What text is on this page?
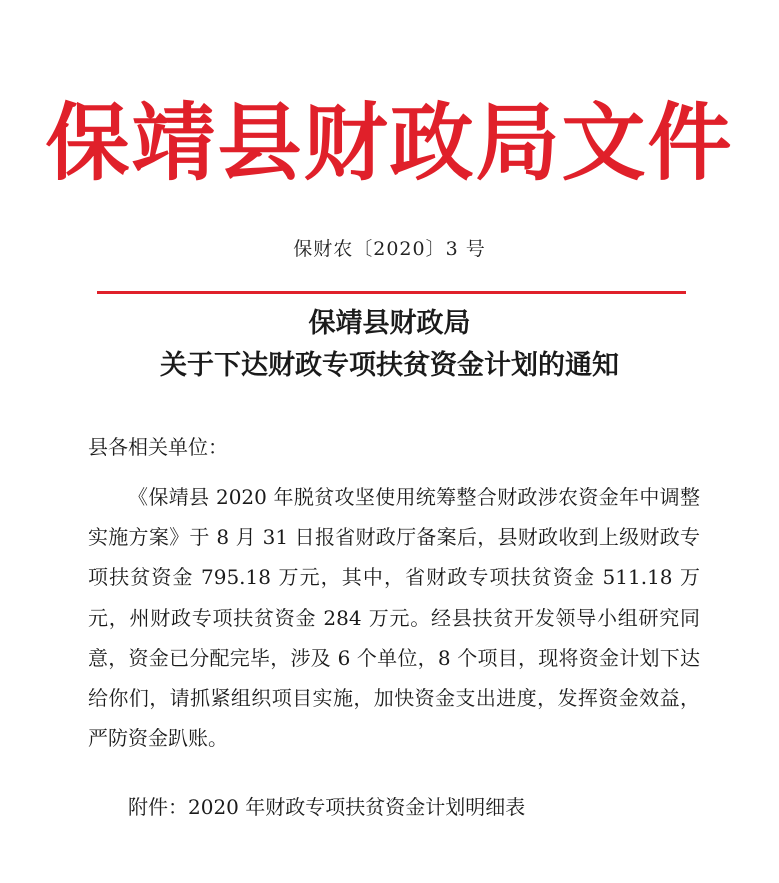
保靖县财政局文件
保财农〔2020〕3 号
保靖县财政局
关于下达财政专项扶贫资金计划的通知
县各相关单位：

《保靖县 2020 年脱贫攻坚使用统筹整合财政涉农资金年中调整实施方案》于 8 月 31 日报省财政厅备案后，县财政收到上级财政专项扶贫资金 795.18 万元，其中，省财政专项扶贫资金 511.18 万元，州财政专项扶贫资金 284 万元。经县扶贫开发领导小组研究同意，资金已分配完毕，涉及 6 个单位，8 个项目，现将资金计划下达给你们，请抓紧组织项目实施，加快资金支出进度，发挥资金效益，严防资金趴账。

附件：2020 年财政专项扶贫资金计划明细表
